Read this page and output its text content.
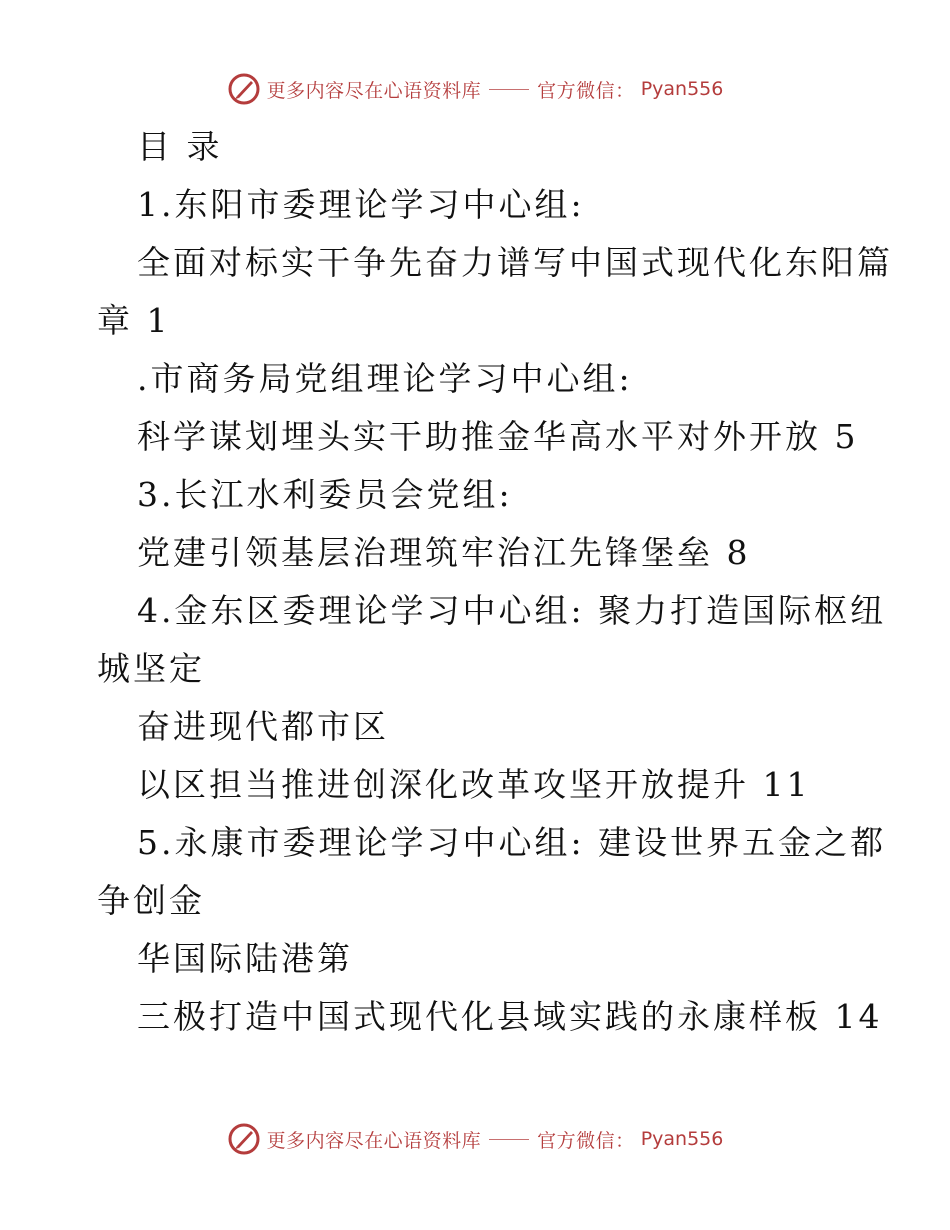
更多内容尽在心语资料库	官方微信： Pyan556
目 录
1.东阳市委理论学习中心组:
全面对标实干争先奋力谱写中国式现代化东阳篇
章 1
.市商务局党组理论学习中心组:
科学谋划埋头实干助推金华高水平对外开放 5
3.长江水利委员会党组:
党建引领基层治理筑牢治江先锋堡垒 8
4.金东区委理论学习中心组: 聚力打造国际枢纽
城坚定
奋进现代都市区
以区担当推进创深化改革攻坚开放提升 11
5.永康市委理论学习中心组: 建设世界五金之都
争创金
华国际陆港第
三极打造中国式现代化县域实践的永康样板 14
更多内容尽在心语资料库	官方微信： Pyan556
